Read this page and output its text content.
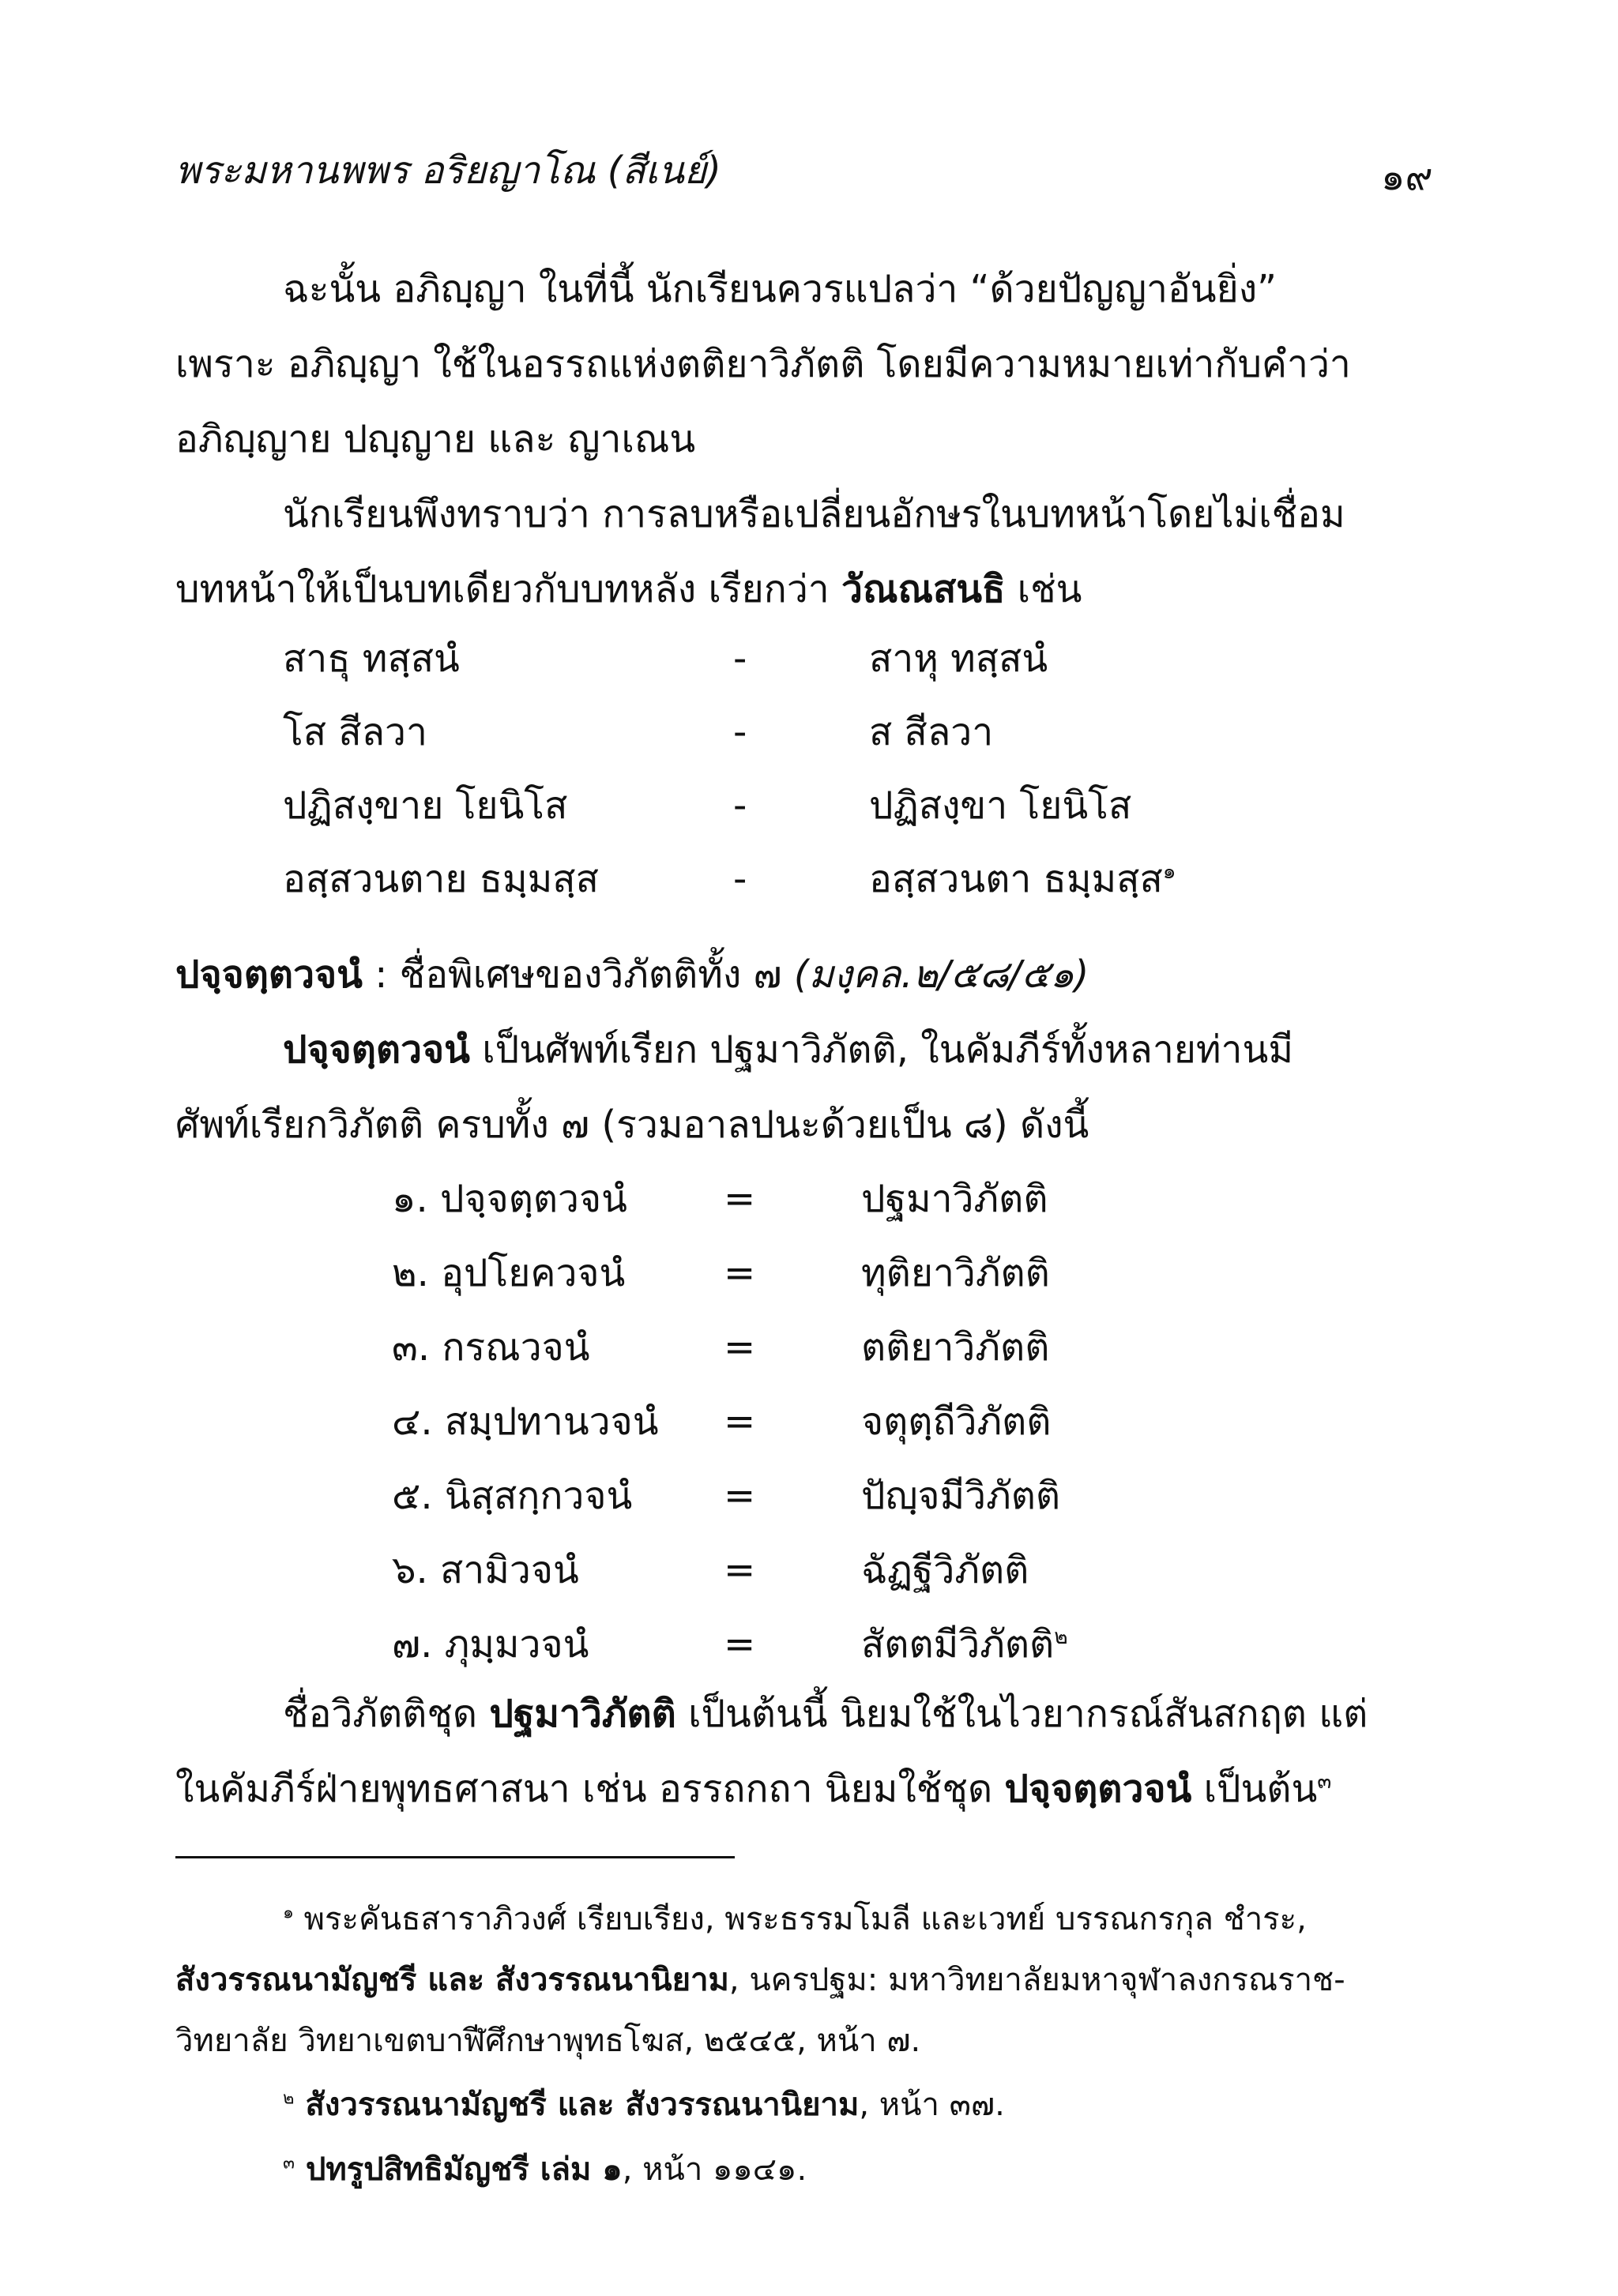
พระมหานพพร อริยญาโณ (สีเนย์)	๑๙
ฉะนั้น อภิญฺญา ในที่นี้ นักเรียนควรแปลว่า “ด้วยปัญญาอันยิ่ง”
เพราะ อภิญฺญา ใช้ในอรรถแห่งตติยาวิภัตติ โดยมีความหมายเท่ากับคำว่า
อภิญฺญาย ปญฺญาย และ ญาเณน
นักเรียนพึงทราบว่า การลบหรือเปลี่ยนอักษรในบทหน้าโดยไม่เชื่อม
บทหน้าให้เป็นบทเดียวกับบทหลัง เรียกว่า วัณณสนธิ เช่น
สาธุ ทสฺสนํ	-	สาหุ ทสฺสนํ
โส สีลวา	-	ส สีลวา
ปฏิสงฺขาย โยนิโส	-	ปฏิสงฺขา โยนิโส
อสฺสวนตาย ธมฺมสฺส	-	อสฺสวนตา ธมฺมสฺส$^๑$
ปจฺจตฺตวจนํ : ชื่อพิเศษของวิภัตติทั้ง ๗ (มงฺคล.๒/๕๘/๕๑)
ปจฺจตฺตวจนํ เป็นศัพท์เรียก ปฐมาวิภัตติ, ในคัมภีร์ทั้งหลายท่านมี
ศัพท์เรียกวิภัตติ ครบทั้ง ๗ (รวมอาลปนะด้วยเป็น ๘) ดังนี้
๑. ปจฺจตฺตวจนํ	=	ปฐมาวิภัตติ
๒. อุปโยควจนํ	=	ทุติยาวิภัตติ
๓. กรณวจนํ	=	ตติยาวิภัตติ
๔. สมฺปทานวจนํ =	จตุตฺถีวิภัตติ
๕. นิสฺสกฺกวจนํ =	ปัญฺจมีวิภัตติ
๖. สามิวจนํ	=	ฉัฏฐีวิภัตติ
๗. ภุมฺมวจนํ	=	สัตตมีวิภัตติ$^๒$
ชื่อวิภัตติชุด ปฐมาวิภัตติ เป็นต้นนี้ นิยมใช้ในไวยากรณ์สันสกฤต แต่
ในคัมภีร์ฝ่ายพุทธศาสนา เช่น อรรถกถา นิยมใช้ชุด ปจฺจตฺตวจนํ เป็นต้น$^๓$
$^๑$ พระคันธสาราภิวงศ์ เรียบเรียง, พระธรรมโมลี และเวทย์ บรรณกรกุล ชำระ,
สังวรรณนามัญชรี และ สังวรรณนานิยาม, นครปฐม: มหาวิทยาลัยมหาจุฬาลงกรณราช-
วิทยาลัย วิทยาเขตบาฬีศึกษาพุทธโฆส, ๒๕๔๕, หน้า ๗.
$^๒$ สังวรรณนามัญชรี และ สังวรรณนานิยาม, หน้า ๓๗.
$^๓$ ปทรูปสิทธิมัญชรี เล่ม ๑, หน้า ๑๑๔๑.
